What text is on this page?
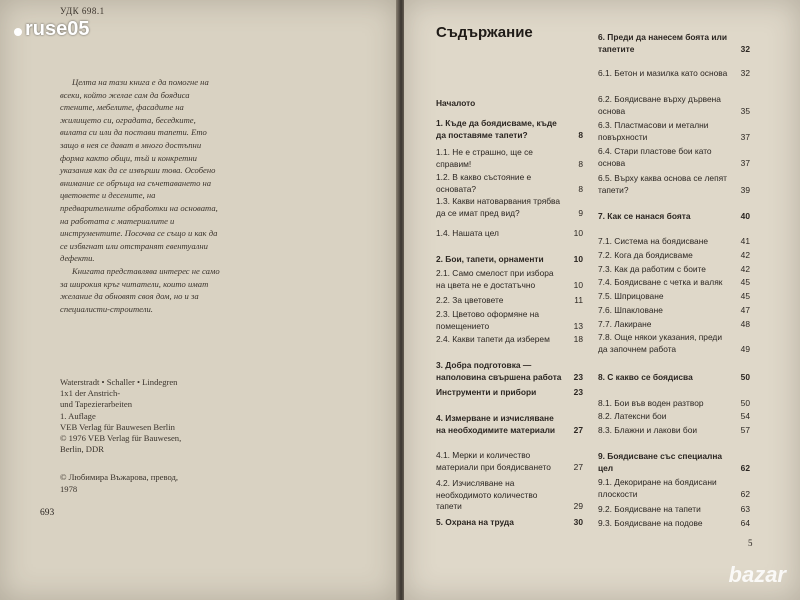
УДК 698.1

Целта на тази книга е да помогне на всеки, който желае сам да боядиса стените, мебелите, фасадите на жилището си, оградата, беседките, вилата си или да постави тапети. Ето защо в нея се дават в много достъпни форма както общи, тъй и конкретни указания как да се извърши това. Особено внимание се обръща на съчетаването на цветовете и десените, на предварителните обработки на основата, на работата с материалите и инструментите. Посочва се също и как да се избягнат или отстранят евентуални дефекти.

Книгата представлява интерес не само за широкия кръг читатели, които имат желание да обновят своя дом, но и за специалисти-строители.

Waterstradt • Schaller • Lindegren
1x1 der Anstrich-
und Tapezierarbeiten
1. Auflage
VEB Verlag für Bauwesen Berlin
© 1976 VEB Verlag für Bauwesen,
Berlin, DDR
© Любимира Въжарова, превод,
1978
693
Съдържание
Началото
1. Къде да боядисваме, къде да поставяме тапети?	8
1.1. Не е страшно, ще се справим!	8
1.2. В какво състояние е основата?	8
1.3. Какви натоварвания трябва да се имат пред вид?	9
1.4. Нашата цел	10
2. Бои, тапети, орнаменти	10
2.1. Само смелост при избора на цвета не е достатъчно	10
2.2. За цветовете	11
2.3. Цветово оформяне на помещението	13
2.4. Какви тапети да изберем	18
3. Добра подготовка — наполовина свършена работа	23
Инструменти и прибори	23
4. Измерване и изчисляване на необходимите материали	27
4.1. Мерки и количество материали при боядисването	27
4.2. Изчисляване на необходимото количество тапети	29
5. Охрана на труда	30
6. Преди да нанесем боята или тапетите	32
6.1. Бетон и мазилка като основа	32
6.2. Боядисване върху дървена основа	35
6.3. Пластмасови и метални повърхности	37
6.4. Стари пластове бои като основа	37
6.5. Върху каква основа се лепят тапети?	39
7. Как се нанася боята	40
7.1. Система на боядисване	41
7.2. Кога да боядисваме	42
7.3. Как да работим с боите	42
7.4. Боядисване с четка и валяк	45
7.5. Шприцоване	45
7.6. Шпакловане	47
7.7. Лакиране	48
7.8. Още някои указания, преди да започнем работа	49
8. С какво се боядисва	50
8.1. Бои във воден разтвор	50
8.2. Латексни бои	54
8.3. Блажни и лакови бои	57
9. Боядисване със специална цел	62
9.1. Декориране на боядисани плоскости	62
9.2. Боядисване на тапети	63
9.3. Боядисване на подове	64
5
ruse05
bazar
